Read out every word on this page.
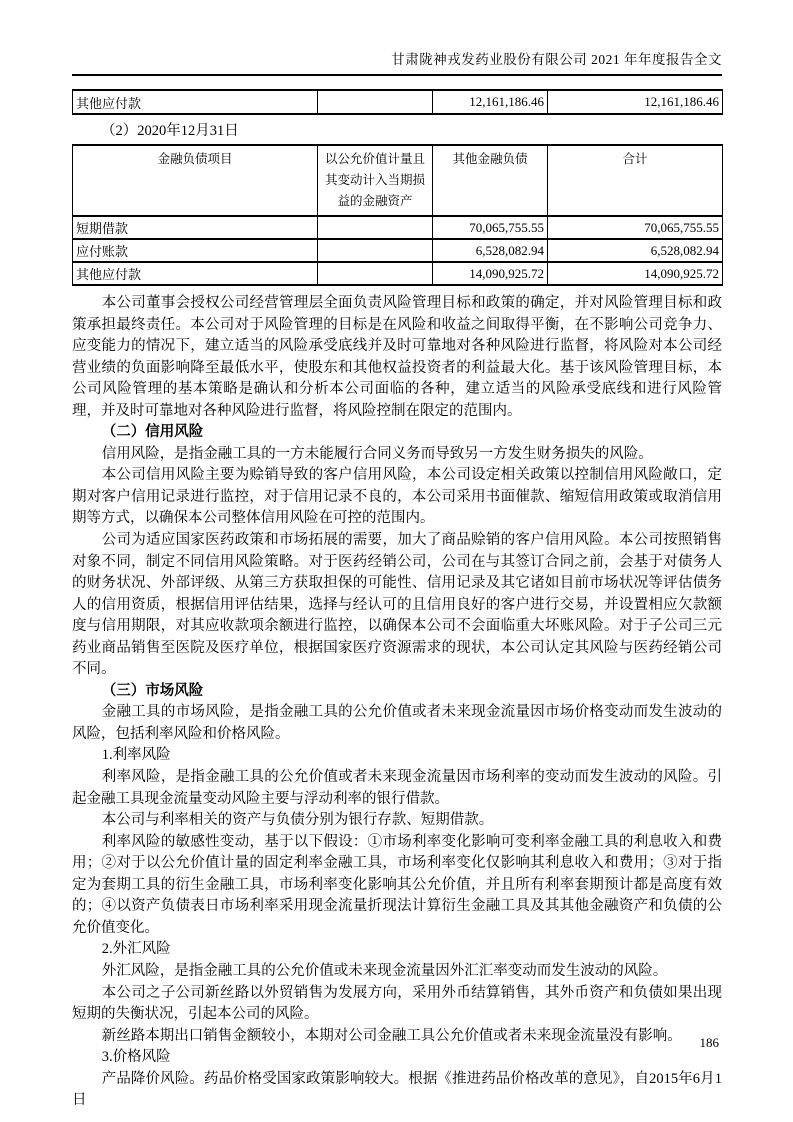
甘肃陇神戎发药业股份有限公司 2021 年年度报告全文
其他应付款		12,161,186.46	12,161,186.46
（2）2020年12月31日
金融负债项目	以公允价值计量且其变动计入当期损益的金融资产	其他金融负债	合计
短期借款		70,065,755.55	70,065,755.55
应付账款		6,528,082.94	6,528,082.94
其他应付款		14,090,925.72	14,090,925.72

本公司董事会授权公司经营管理层全面负责风险管理目标和政策的确定，并对风险管理目标和政策承担最终责任。本公司对于风险管理的目标是在风险和收益之间取得平衡，在不影响公司竞争力、应变能力的情况下，建立适当的风险承受底线并及时可靠地对各种风险进行监督，将风险对本公司经营业绩的负面影响降至最低水平，使股东和其他权益投资者的利益最大化。基于该风险管理目标，本公司风险管理的基本策略是确认和分析本公司面临的各种，建立适当的风险承受底线和进行风险管理，并及时可靠地对各种风险进行监督，将风险控制在限定的范围内。

（二）信用风险

信用风险，是指金融工具的一方未能履行合同义务而导致另一方发生财务损失的风险。

本公司信用风险主要为赊销导致的客户信用风险，本公司设定相关政策以控制信用风险敞口，定期对客户信用记录进行监控，对于信用记录不良的，本公司采用书面催款、缩短信用政策或取消信用期等方式，以确保本公司整体信用风险在可控的范围内。

公司为适应国家医药政策和市场拓展的需要，加大了商品赊销的客户信用风险。本公司按照销售对象不同，制定不同信用风险策略。对于医药经销公司，公司在与其签订合同之前，会基于对债务人的财务状况、外部评级、从第三方获取担保的可能性、信用记录及其它诸如目前市场状况等评估债务人的信用资质，根据信用评估结果，选择与经认可的且信用良好的客户进行交易，并设置相应欠款额度与信用期限，对其应收款项余额进行监控，以确保本公司不会面临重大坏账风险。对于子公司三元药业商品销售至医院及医疗单位，根据国家医疗资源需求的现状，本公司认定其风险与医药经销公司不同。

（三）市场风险

金融工具的市场风险，是指金融工具的公允价值或者未来现金流量因市场价格变动而发生波动的风险，包括利率风险和价格风险。

1.利率风险

利率风险，是指金融工具的公允价值或者未来现金流量因市场利率的变动而发生波动的风险。引起金融工具现金流量变动风险主要与浮动利率的银行借款。

本公司与利率相关的资产与负债分别为银行存款、短期借款。

利率风险的敏感性变动，基于以下假设：①市场利率变化影响可变利率金融工具的利息收入和费用；②对于以公允价值计量的固定利率金融工具，市场利率变化仅影响其利息收入和费用；③对于指定为套期工具的衍生金融工具，市场利率变化影响其公允价值，并且所有利率套期预计都是高度有效的；④以资产负债表日市场利率采用现金流量折现法计算衍生金融工具及其其他金融资产和负债的公允价值变化。

2.外汇风险

外汇风险，是指金融工具的公允价值或未来现金流量因外汇汇率变动而发生波动的风险。

本公司之子公司新丝路以外贸销售为发展方向，采用外币结算销售，其外币资产和负债如果出现短期的失衡状况，引起本公司的风险。

新丝路本期出口销售金额较小，本期对公司金融工具公允价值或者未来现金流量没有影响。

3.价格风险

产品降价风险。药品价格受国家政策影响较大。根据《推进药品价格改革的意见》，自2015年6月1日

186
